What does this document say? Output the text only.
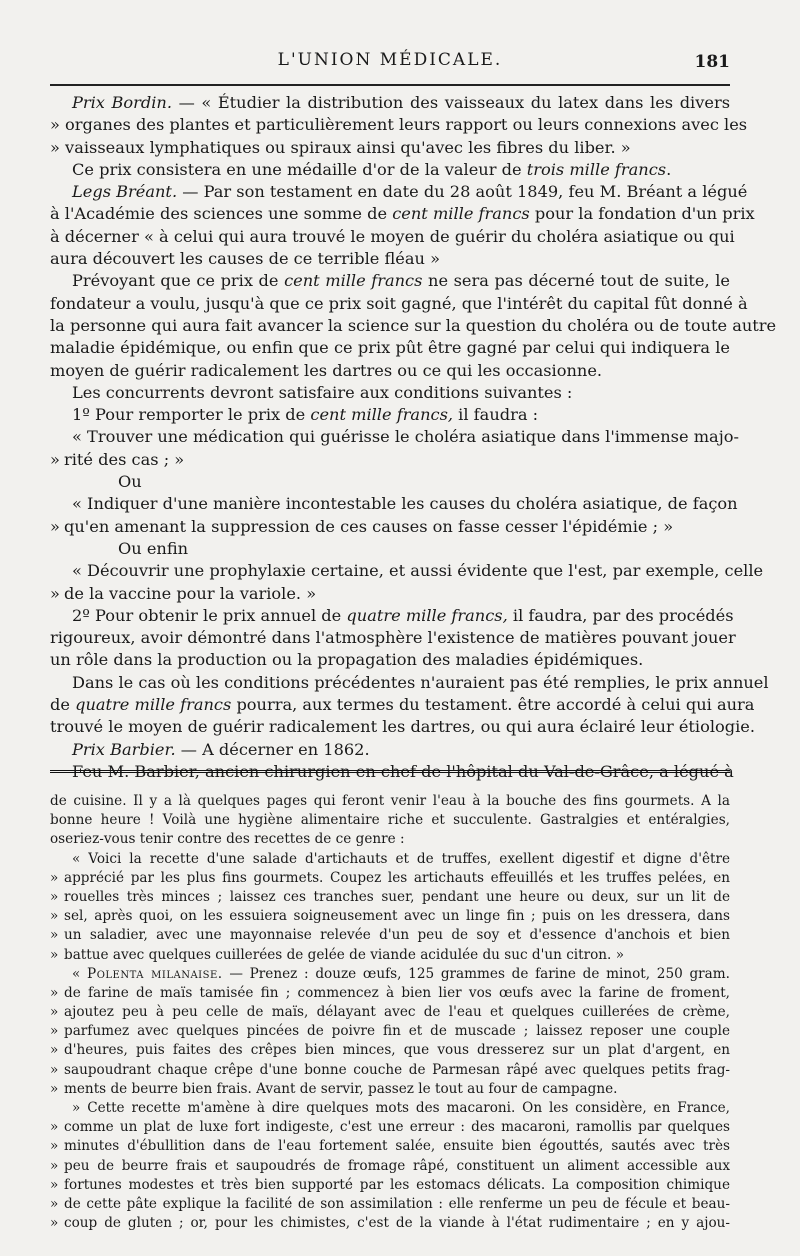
L'UNION MÉDICALE.	181
Prix Bordin. — « Étudier la distribution des vaisseaux du latex dans les divers
» organes des plantes et particulièrement leurs rapport ou leurs connexions avec les
» vaisseaux lymphatiques ou spiraux ainsi qu'avec les fibres du liber. »
Ce prix consistera en une médaille d'or de la valeur de trois mille francs.
Legs Bréant. — Par son testament en date du 28 août 1849, feu M. Bréant a légué
à l'Académie des sciences une somme de cent mille francs pour la fondation d'un prix
à décerner « à celui qui aura trouvé le moyen de guérir du choléra asiatique ou qui
aura découvert les causes de ce terrible fléau »
Prévoyant que ce prix de cent mille francs ne sera pas décerné tout de suite, le
fondateur a voulu, jusqu'à que ce prix soit gagné, que l'intérêt du capital fût donné à
la personne qui aura fait avancer la science sur la question du choléra ou de toute autre
maladie épidémique, ou enfin que ce prix pût être gagné par celui qui indiquera le
moyen de guérir radicalement les dartres ou ce qui les occasionne.
Les concurrents devront satisfaire aux conditions suivantes :
1º Pour remporter le prix de cent mille francs, il faudra :
« Trouver une médication qui guérisse le choléra asiatique dans l'immense majo-
» rité des cas ; »
Ou
« Indiquer d'une manière incontestable les causes du choléra asiatique, de façon
» qu'en amenant la suppression de ces causes on fasse cesser l'épidémie ; »
Ou enfin
« Découvrir une prophylaxie certaine, et aussi évidente que l'est, par exemple, celle
» de la vaccine pour la variole. »
2º Pour obtenir le prix annuel de quatre mille francs, il faudra, par des procédés
rigoureux, avoir démontré dans l'atmosphère l'existence de matières pouvant jouer
un rôle dans la production ou la propagation des maladies épidémiques.
Dans le cas où les conditions précédentes n'auraient pas été remplies, le prix annuel
de quatre mille francs pourra, aux termes du testament. être accordé à celui qui aura
trouvé le moyen de guérir radicalement les dartres, ou qui aura éclairé leur étiologie.
Prix Barbier. — A décerner en 1862.
Feu M. Barbier, ancien chirurgien en chef de l'hôpital du Val-de-Grâce, a légué à
de cuisine. Il y a là quelques pages qui feront venir l'eau à la bouche des fins gourmets. A la
bonne heure ! Voilà une hygiène alimentaire riche et succulente. Gastralgies et entéralgies,
oseriez-vous tenir contre des recettes de ce genre :
« Voici la recette d'une salade d'artichauts et de truffes, exellent digestif et digne d'être
» apprécié par les plus fins gourmets. Coupez les artichauts effeuillés et les truffes pelées, en
» rouelles très minces ; laissez ces tranches suer, pendant une heure ou deux, sur un lit de
» sel, après quoi, on les essuiera soigneusement avec un linge fin ; puis on les dressera, dans
» un saladier, avec une mayonnaise relevée d'un peu de soy et d'essence d'anchois et bien
» battue avec quelques cuillerées de gelée de viande acidulée du suc d'un citron. »
« Polenta milanaise. — Prenez : douze œufs, 125 grammes de farine de minot, 250 gram.
» de farine de maïs tamisée fin ; commencez à bien lier vos œufs avec la farine de froment,
» ajoutez peu à peu celle de maïs, délayant avec de l'eau et quelques cuillerées de crème,
» parfumez avec quelques pincées de poivre fin et de muscade ; laissez reposer une couple
» d'heures, puis faites des crêpes bien minces, que vous dresserez sur un plat d'argent, en
» saupoudrant chaque crêpe d'une bonne couche de Parmesan râpé avec quelques petits frag-
» ments de beurre bien frais. Avant de servir, passez le tout au four de campagne.
» Cette recette m'amène à dire quelques mots des macaroni. On les considère, en France,
» comme un plat de luxe fort indigeste, c'est une erreur : des macaroni, ramollis par quelques
» minutes d'ébullition dans de l'eau fortement salée, ensuite bien égouttés, sautés avec très
» peu de beurre frais et saupoudrés de fromage râpé, constituent un aliment accessible aux
» fortunes modestes et très bien supporté par les estomacs délicats. La composition chimique
» de cette pâte explique la facilité de son assimilation : elle renferme un peu de fécule et beau-
» coup de gluten ; or, pour les chimistes, c'est de la viande à l'état rudimentaire ; en y ajou-
